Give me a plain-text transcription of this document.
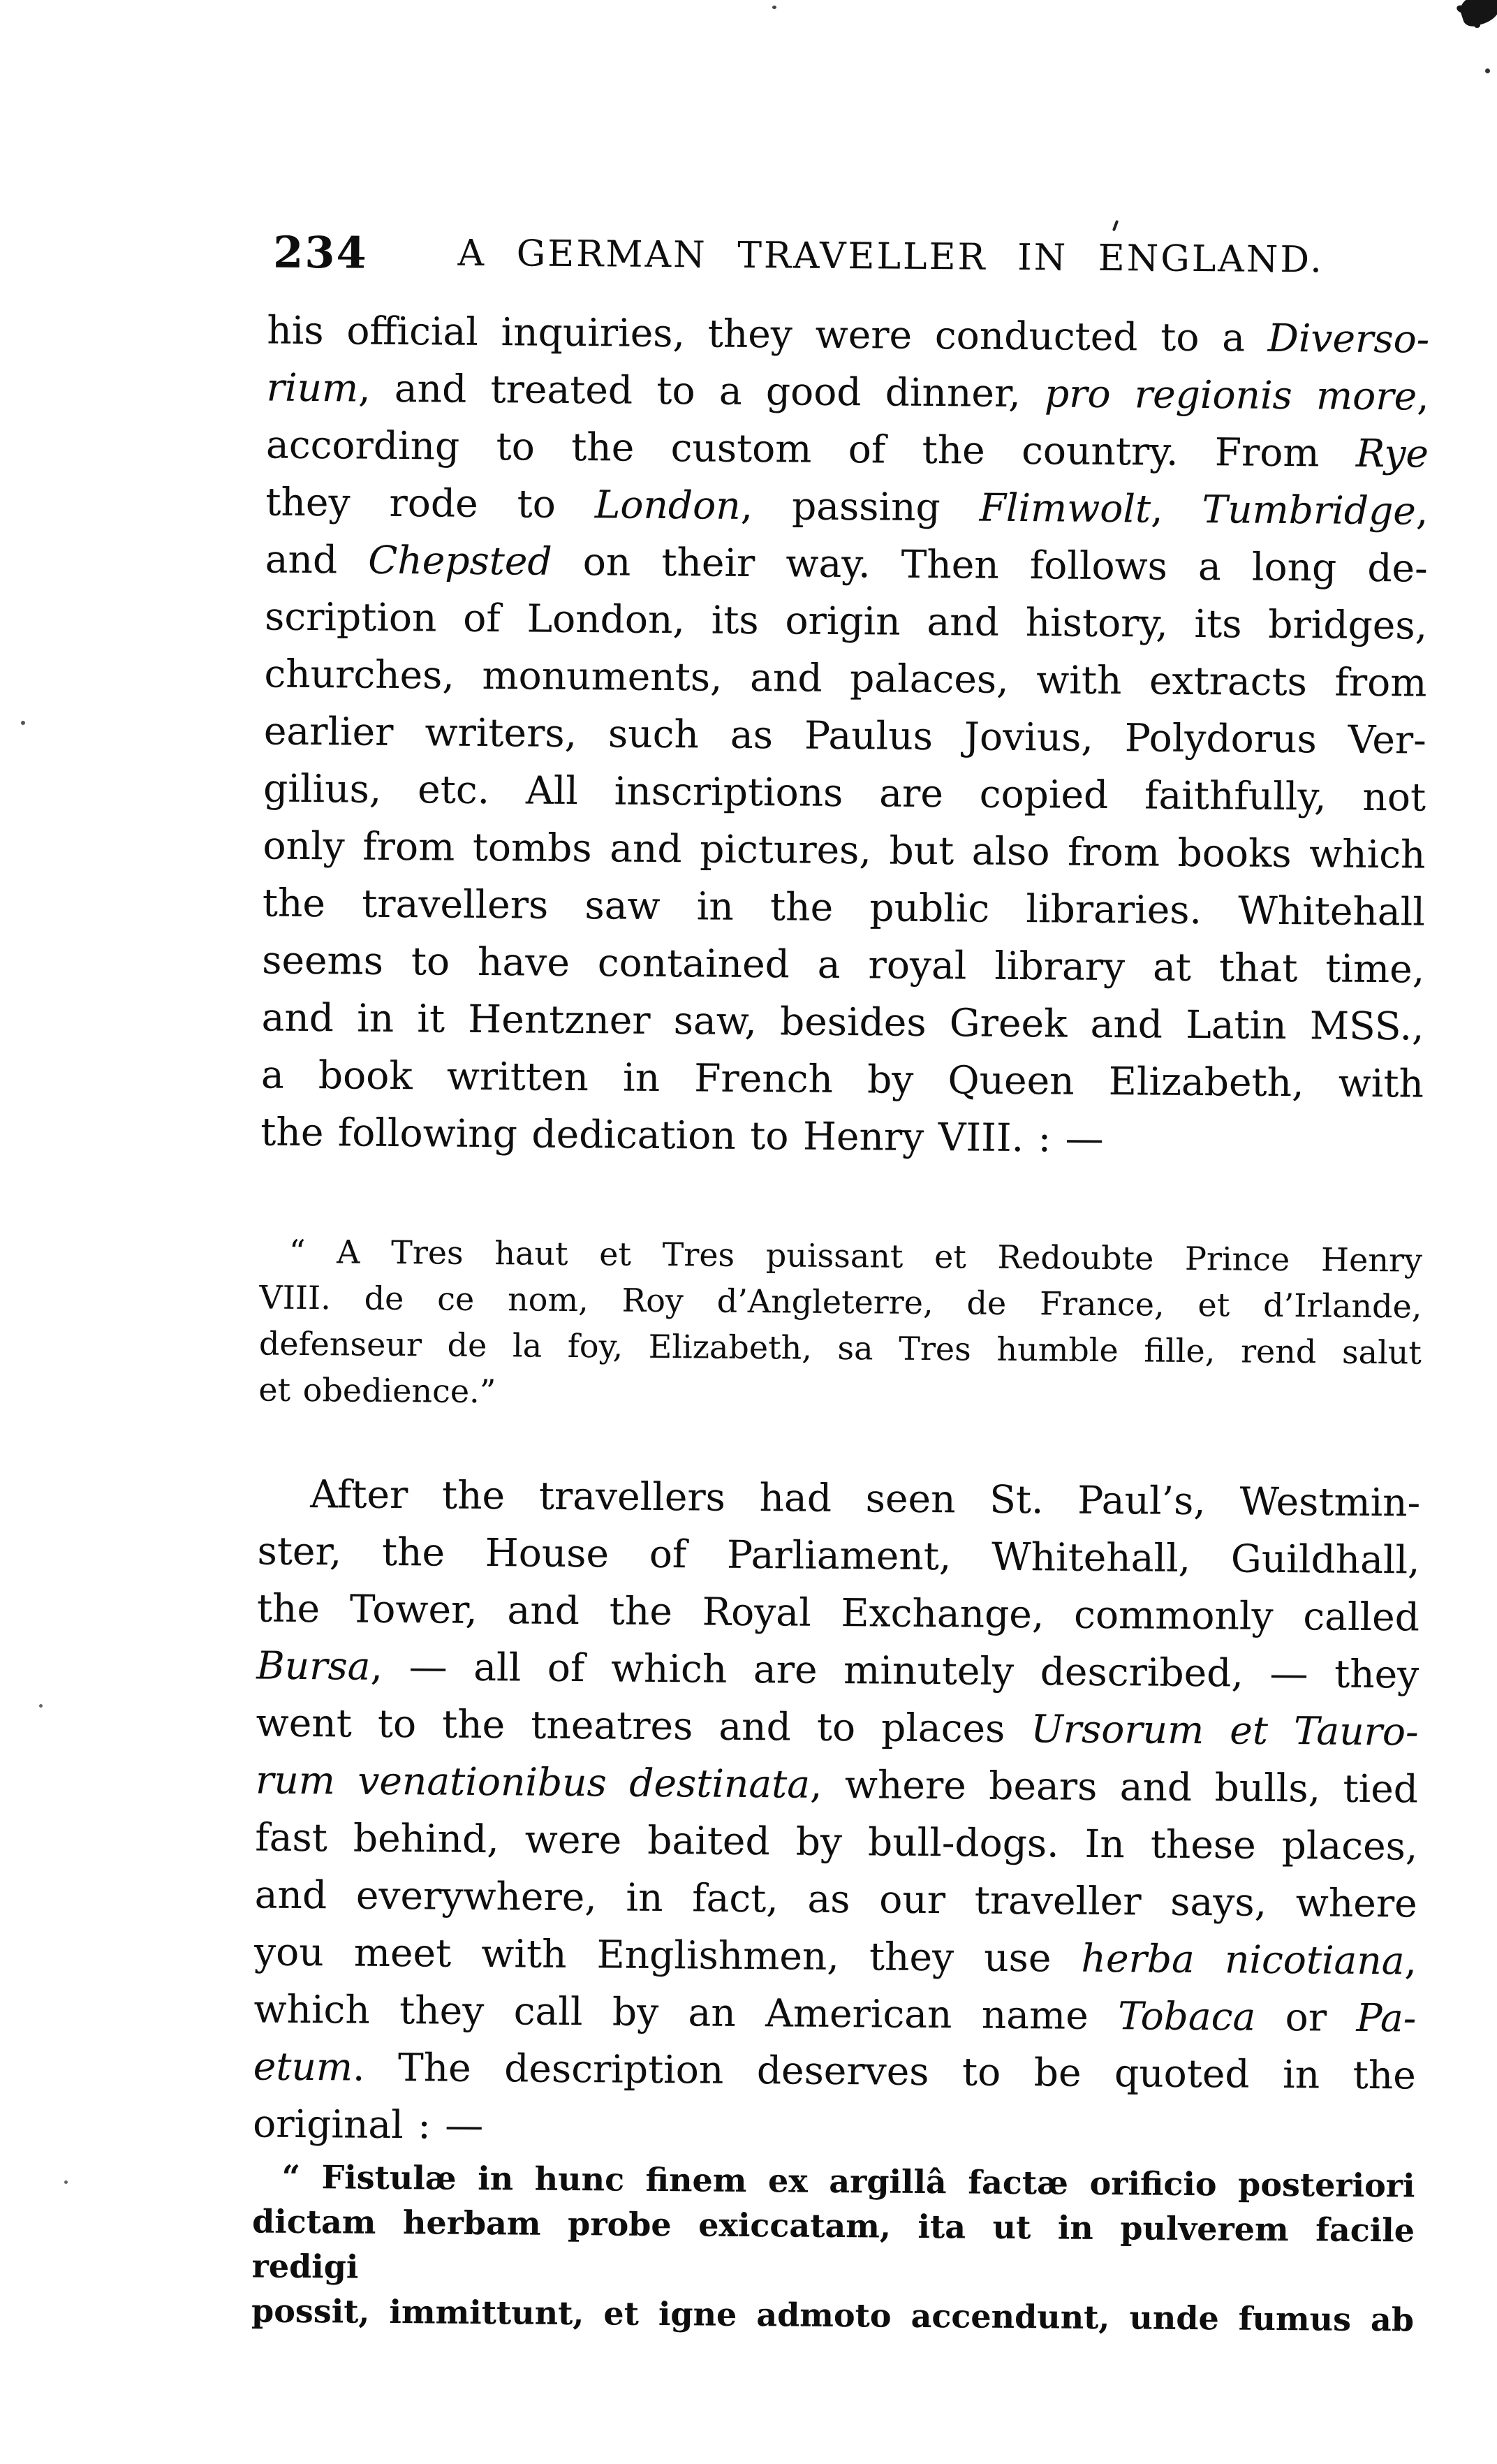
234	A GERMAN TRAVELLER IN ENGLAND.
his official inquiries, they were conducted to a Diverso-
rium, and treated to a good dinner, pro regionis more,
according to the custom of the country. From Rye
they rode to London, passing Flimwolt, Tumbridge,
and Chepsted on their way. Then follows a long de-
scription of London, its origin and history, its bridges,
churches, monuments, and palaces, with extracts from
earlier writers, such as Paulus Jovius, Polydorus Ver-
gilius, etc. All inscriptions are copied faithfully, not
only from tombs and pictures, but also from books which
the travellers saw in the public libraries. Whitehall
seems to have contained a royal library at that time,
and in it Hentzner saw, besides Greek and Latin MSS.,
a book written in French by Queen Elizabeth, with
the following dedication to Henry VIII. : —
“ A Tres haut et Tres puissant et Redoubte Prince Henry
VIII. de ce nom, Roy d’Angleterre, de France, et d’Irlande,
defenseur de la foy, Elizabeth, sa Tres humble fille, rend salut
et obedience.”
After the travellers had seen St. Paul’s, Westmin-
ster, the House of Parliament, Whitehall, Guildhall,
the Tower, and the Royal Exchange, commonly called
Bursa, — all of which are minutely described, — they
went to the tneatres and to places Ursorum et Tauro-
rum venationibus destinata, where bears and bulls, tied
fast behind, were baited by bull-dogs. In these places,
and everywhere, in fact, as our traveller says, where
you meet with Englishmen, they use herba nicotiana,
which they call by an American name Tobaca or Pa-
etum. The description deserves to be quoted in the
original : —
“ Fistulæ in hunc finem ex argillâ factæ orificio posteriori
dictam herbam probe exiccatam, ita ut in pulverem facile redigi
possit, immittunt, et igne admoto accendunt, unde fumus ab
